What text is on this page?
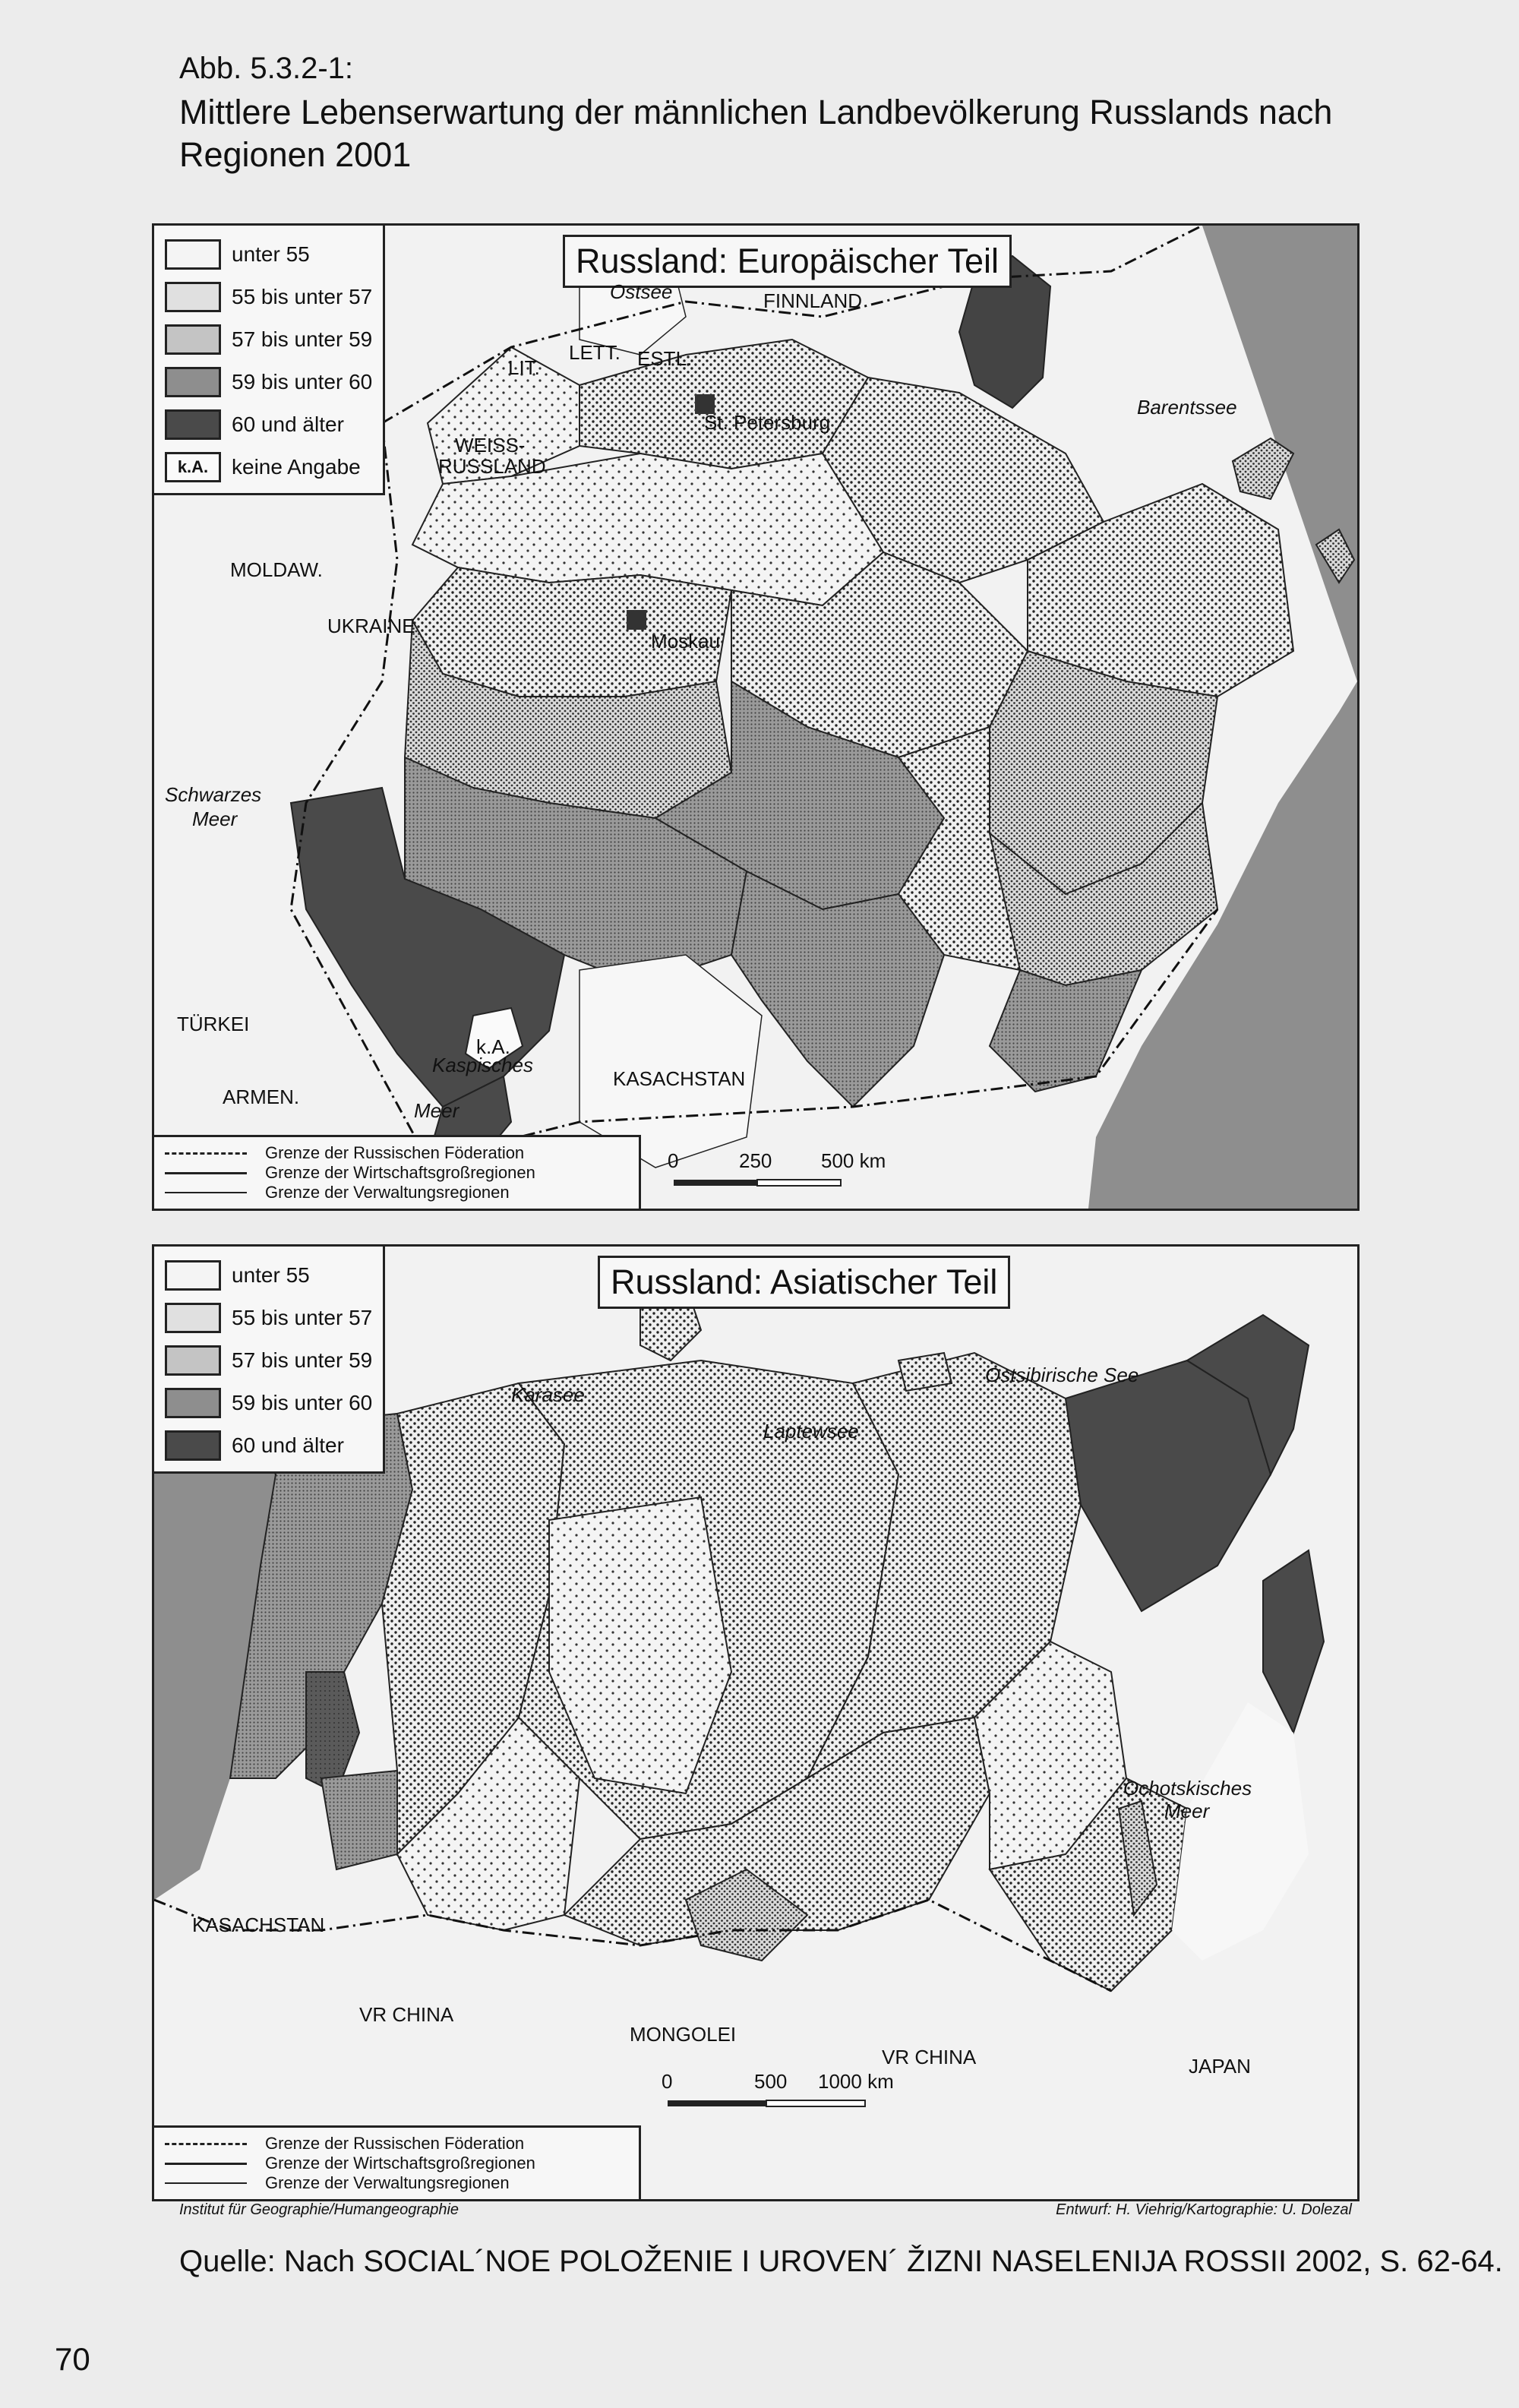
Abb. 5.3.2-1:
Mittlere Lebenserwartung der männlichen Landbevölkerung Russlands nach Regionen 2001
unter 55
55 bis unter 57
57 bis unter 59
59 bis unter 60
60 und älter
k.A.	keine Angabe
Russland: Europäischer Teil
Ostsee	FINNLAND
LETT. ESTL.
LIT.
WEISS-
RUSSLAND
St. Petersburg
Barentssee
MOLDAW.
UKRAINE
Moskau
Schwarzes
Meer
TÜRKEI
k.A.
Kaspisches
Meer
ARMEN.
KASACHSTAN
0	250 500 km
Grenze der Russischen Föderation
Grenze der Wirtschaftsgroßregionen
Grenze der Verwaltungsregionen
unter 55
55 bis unter 57
57 bis unter 59
59 bis unter 60
60 und älter
Russland: Asiatischer Teil
Karasee
Laptewsee
Ostsibirische See
Ochotskisches
Meer
KASACHSTAN
VR CHINA
MONGOLEI
VR CHINA	JAPAN
0	500 1000 km
Grenze der Russischen Föderation
Grenze der Wirtschaftsgroßregionen
Grenze der Verwaltungsregionen
Institut für Geographie/Humangeographie	Entwurf: H. Viehrig/Kartographie: U. Dolezal
Quelle: Nach SOCIAL´NOE POLOŽENIE I UROVEN´ ŽIZNI NASELENIJA ROSSII 2002, S. 62-64.
70
